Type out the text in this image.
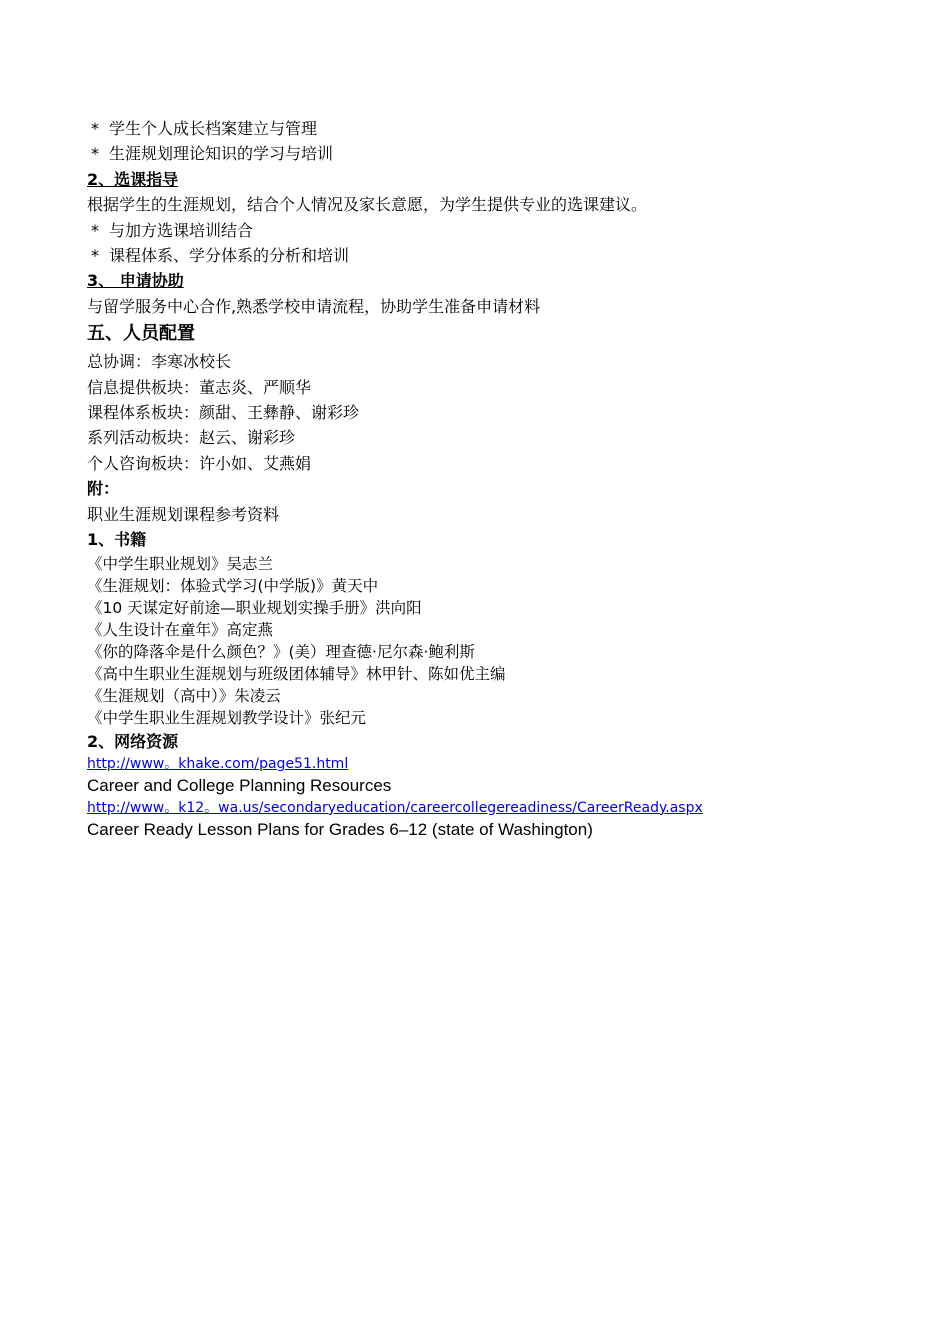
* 学生个人成长档案建立与管理
* 生涯规划理论知识的学习与培训
2、选课指导
根据学生的生涯规划，结合个人情况及家长意愿，为学生提供专业的选课建议。
* 与加方选课培训结合
* 课程体系、学分体系的分析和培训
3、 申请协助
与留学服务中心合作,熟悉学校申请流程，协助学生准备申请材料
五、人员配置
总协调：李寒冰校长
信息提供板块：董志炎、严顺华
课程体系板块：颜甜、王彝静、谢彩珍
系列活动板块：赵云、谢彩珍
个人咨询板块：许小如、艾燕娟
附：
职业生涯规划课程参考资料
1、书籍
《中学生职业规划》吴志兰
《生涯规划：体验式学习(中学版)》黄天中
《10 天谋定好前途—职业规划实操手册》洪向阳
《人生设计在童年》高定燕
《你的降落伞是什么颜色？》(美）理查德·尼尔森·鲍利斯
《高中生职业生涯规划与班级团体辅导》林甲针、陈如优主编
《生涯规划（高中）》朱凌云
《中学生职业生涯规划教学设计》张纪元
2、网络资源
http://www。khake.com/page51.html
Career and College Planning Resources
http://www。k12。wa.us/secondaryeducation/careercollegereadiness/CareerReady.aspx
Career Ready Lesson Plans for Grades 6–12 (state of Washington)
